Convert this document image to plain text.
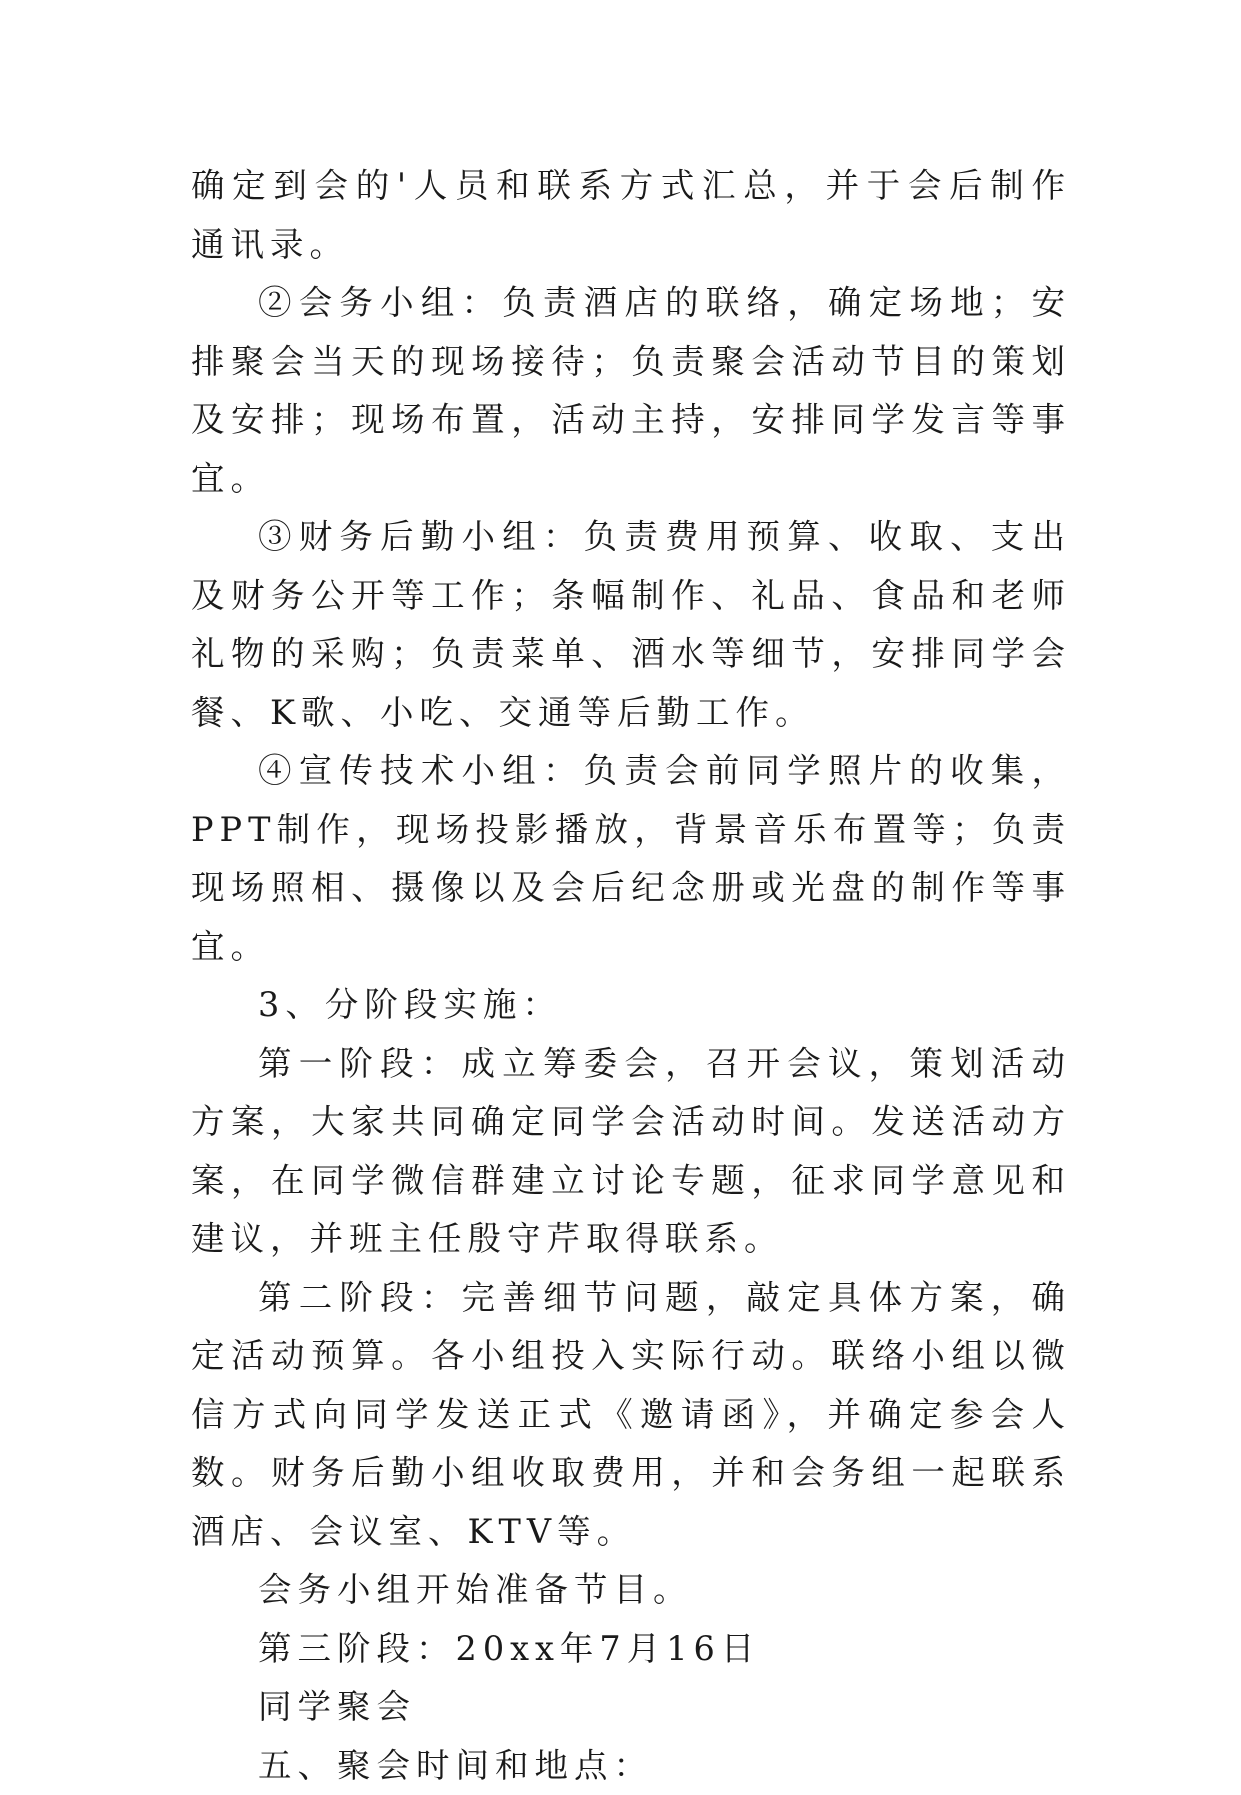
确定到会的'人员和联系方式汇总，并于会后制作通讯录。

②会务小组：负责酒店的联络，确定场地；安排聚会当天的现场接待；负责聚会活动节目的策划及安排；现场布置，活动主持，安排同学发言等事宜。

③财务后勤小组：负责费用预算、收取、支出及财务公开等工作；条幅制作、礼品、食品和老师礼物的采购；负责菜单、酒水等细节，安排同学会餐、K歌、小吃、交通等后勤工作。

④宣传技术小组：负责会前同学照片的收集，PPT制作，现场投影播放，背景音乐布置等；负责现场照相、摄像以及会后纪念册或光盘的制作等事宜。

3、分阶段实施：

第一阶段：成立筹委会，召开会议，策划活动方案，大家共同确定同学会活动时间。发送活动方案，在同学微信群建立讨论专题，征求同学意见和建议，并班主任殷守芹取得联系。

第二阶段：完善细节问题，敲定具体方案，确定活动预算。各小组投入实际行动。联络小组以微信方式向同学发送正式《邀请函》，并确定参会人数。财务后勤小组收取费用，并和会务组一起联系酒店、会议室、KTV等。

会务小组开始准备节目。

第三阶段：20xx年7月16日

同学聚会

五、聚会时间和地点：
